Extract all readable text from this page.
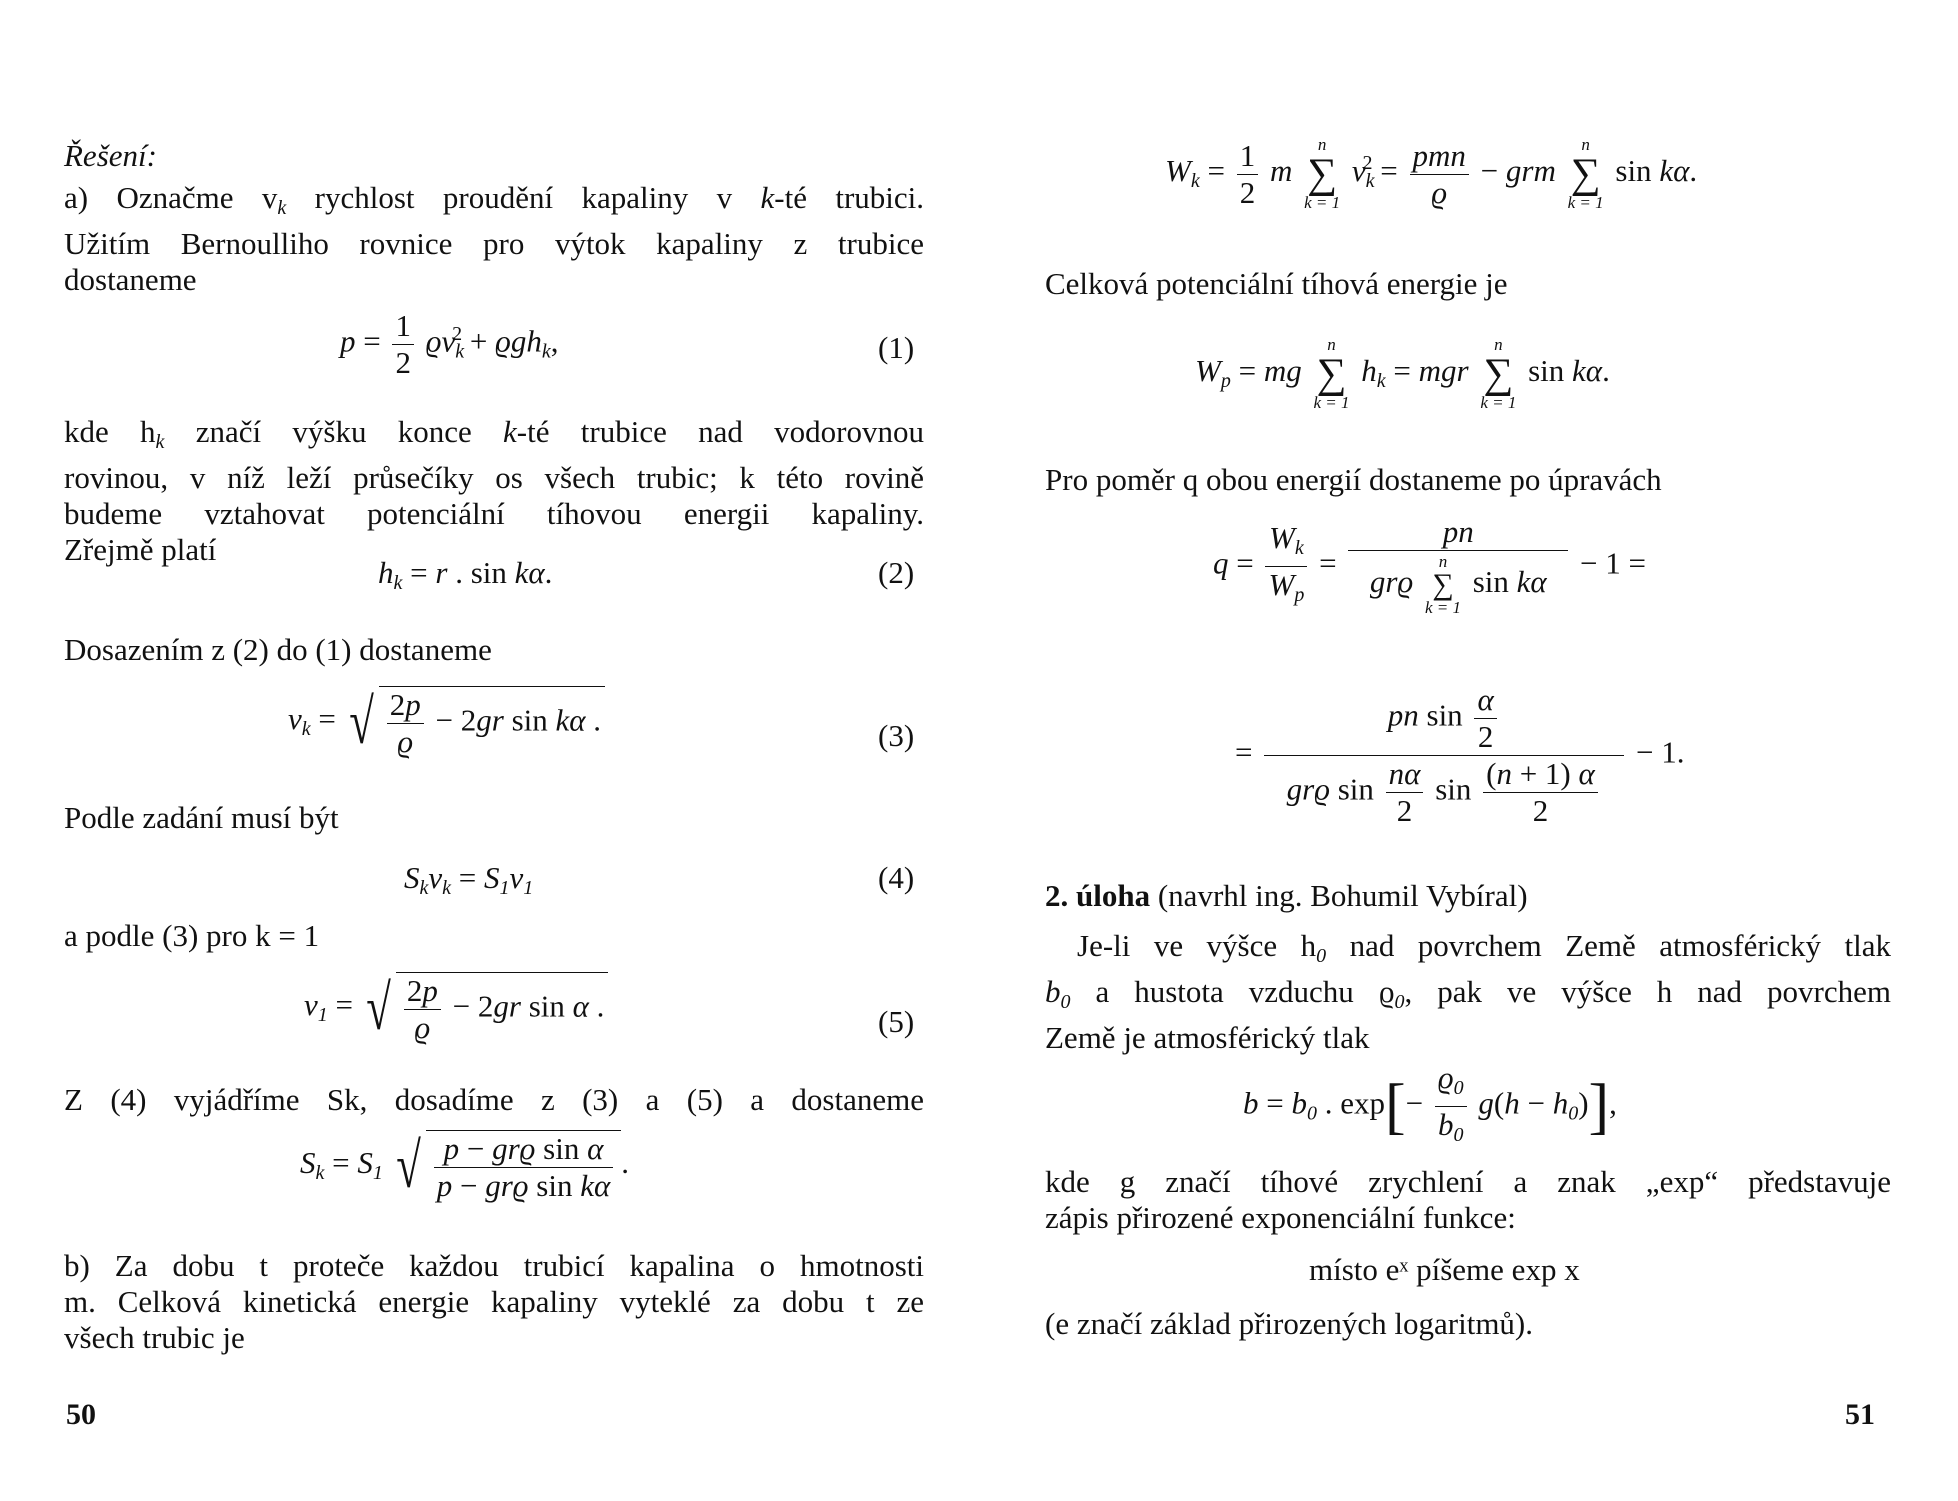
Řešení:
a) Označme $v_k$ rychlost proudění kapaliny v k-té trubici.
Užitím Bernoulliho rovnice pro výtok kapaliny z trubice
dostaneme
$p = \frac{1}{2} ϱv_k^2 + ϱgh_k$,	(1)
kde $h_k$ značí výšku konce k-té trubice nad vodorovnou
rovinou, v níž leží průsečíky os všech trubic; k této rovině
budeme vztahovat potenciální tíhovou energii kapaliny.
Zřejmě platí
$h_k = r$ . sin kα.	(2)
Dosazením z (2) do (1) dostaneme
$v_k$ = √ $\frac{2p}{ϱ} - 2gr$ sin kα .	(3)
Podle zadání musí být
$S_kv_k = S_1v_1$	(4)
a podle (3) pro k = 1
$v_1$ = √ $\frac{2p}{ϱ} - 2gr$ sin α .	(5)
Z (4) vyjádříme Sk, dosadíme z (3) a (5) a dostaneme
$S_k = S_1$ √ $\frac{\text{p − grϱ sin α}}{\text{p − grϱ sin kα}}$ .
b) Za dobu t proteče každou trubicí kapalina o hmotnosti
m. Celková kinetická energie kapaliny vyteklé za dobu t ze
všech trubic je
50
$W_k = \frac{1}{2}$ m
n
∑
k = 1
$v_k^2 = \frac{\text{pmn}}{ϱ}$ − grm
n
∑
k = 1
sin kα.
Celková potenciální tíhová energie je
$W_p$ = mg
n
∑
k = 1
$h_k$ = mgr
n
∑
k = 1
sin kα.
Pro poměr q obou energií dostaneme po úpravách
$q = \frac{W_k}{W_p}$ = pn
grϱ
n
∑
k = 1
sin kα − 1 =
= $\frac{pn \sin \frac{\alpha}{2}}{grϱ \sin \frac{n\alpha}{2} \sin \frac{(n + 1) \alpha}{2}} - 1$.
2. úloha (navrhl ing. Bohumil Vybíral)
Je-li ve výšce $h_0$ nad povrchem Země atmosférický tlak
$b_0$ a hustota vzduchu $ϱ_0$, pak ve výšce h nad povrchem
Země je atmosférický tlak
$b = b_0$ . $\exp[- \frac{ϱ_0}{b_0} g(h - h_0)]$,
kde g značí tíhové zrychlení a znak „exp“ představuje
zápis přirozené exponenciální funkce:
místo eˣ píšeme exp x
(e značí základ přirozených logaritmů).
51
